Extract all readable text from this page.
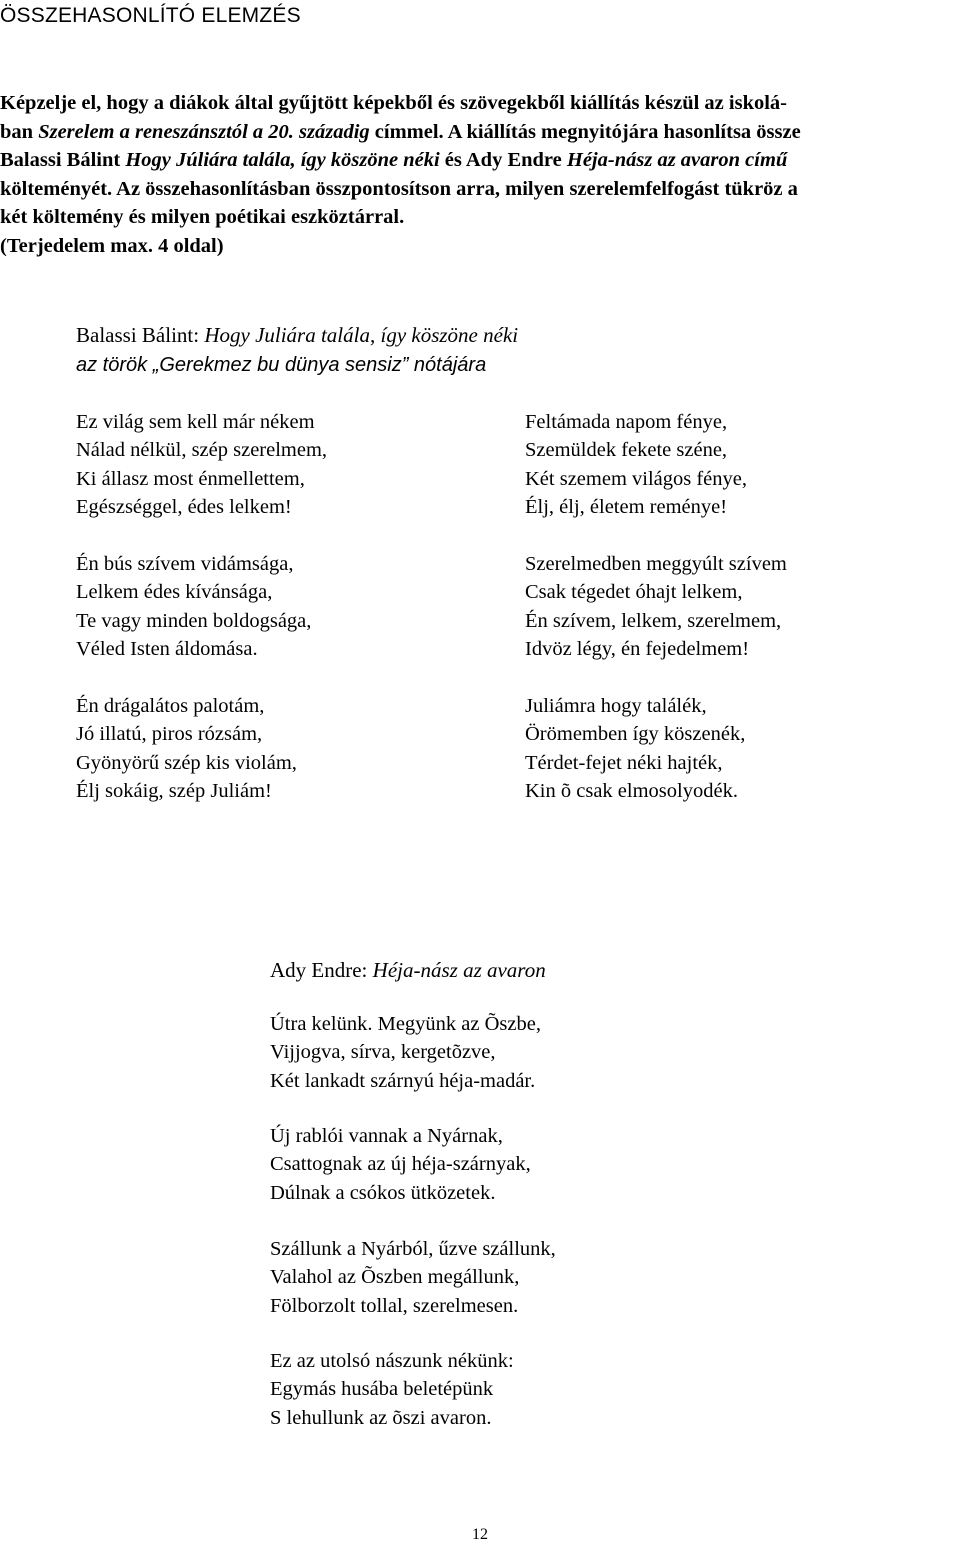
ÖSSZEHASONLÍTÓ ELEMZÉS
Képzelje el, hogy a diákok által gyűjtött képekből és szövegekből kiállítás készül az iskolá-
ban Szerelem a reneszánsztól a 20. századig címmel. A kiállítás megnyitójára hasonlítsa össze
Balassi Bálint Hogy Júliára talála, így köszöne néki és Ady Endre Héja-nász az avaron című
költeményét. Az összehasonlításban összpontosítson arra, milyen szerelemfelfogást tükröz a
két költemény és milyen poétikai eszköztárral.
(Terjedelem max. 4 oldal)
Balassi Bálint: Hogy Juliára talála, így köszöne néki
az török „Gerekmez bu dünya sensiz” nótájára
Ez világ sem kell már nékem
Nálad nélkül, szép szerelmem,
Ki állasz most énmellettem,
Egészséggel, édes lelkem!
Én bús szívem vidámsága,
Lelkem édes kívánsága,
Te vagy minden boldogsága,
Véled Isten áldomása.
Én drágalátos palotám,
Jó illatú, piros rózsám,
Gyönyörű szép kis violám,
Élj sokáig, szép Juliám!
Feltámada napom fénye,
Szemüldek fekete széne,
Két szemem világos fénye,
Élj, élj, életem reménye!
Szerelmedben meggyúlt szívem
Csak tégedet óhajt lelkem,
Én szívem, lelkem, szerelmem,
Idvöz légy, én fejedelmem!
Juliámra hogy találék,
Örömemben így köszenék,
Térdet-fejet néki hajték,
Kin õ csak elmosolyodék.
Ady Endre: Héja-nász az avaron
Útra kelünk. Megyünk az Õszbe,
Vijjogva, sírva, kergetõzve,
Két lankadt szárnyú héja-madár.
Új rablói vannak a Nyárnak,
Csattognak az új héja-szárnyak,
Dúlnak a csókos ütközetek.
Szállunk a Nyárból, űzve szállunk,
Valahol az Õszben megállunk,
Fölborzolt tollal, szerelmesen.
Ez az utolsó nászunk nékünk:
Egymás husába beletépünk
S lehullunk az õszi avaron.
12
